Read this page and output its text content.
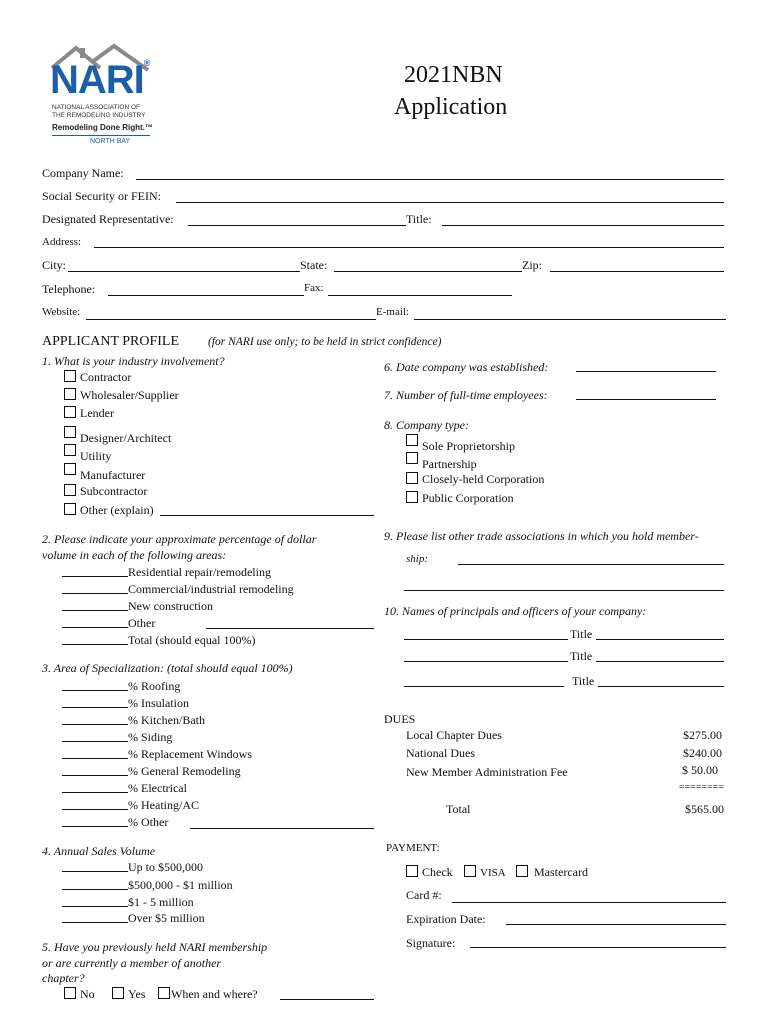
NARI®
NATIONAL ASSOCIATION OF
THE REMODELING INDUSTRY
Remodeling Done Right.™
NORTH BAY
2021NBN
Application
Company Name:
Social Security or FEIN:
Designated Representative:	Title:
Address:
City:	State:	Zip:
Telephone:	Fax:
Website:	E-mail:
APPLICANT PROFILE	(for NARI use only; to be held in strict confidence)
1. What is your industry involvement?
Contractor
Wholesaler/Supplier
Lender
Designer/Architect
Utility
Manufacturer
Subcontractor
Other (explain)
2. Please indicate your approximate percentage of dollar
volume in each of the following areas:
Residential repair/remodeling
Commercial/industrial remodeling
New construction
Other
Total (should equal 100%)
3. Area of Specialization: (total should equal 100%)
% Roofing
% Insulation
% Kitchen/Bath
% Siding
% Replacement Windows
% General Remodeling
% Electrical
% Heating/AC
% Other
4. Annual Sales Volume
Up to $500,000
$500,000 - $1 million
$1 - 5 million
Over $5 million
5. Have you previously held NARI membership
or are currently a member of another
chapter?
No	Yes	When and where?
6. Date company was established:
7. Number of full-time employees:
8. Company type:
Sole Proprietorship
Partnership
Closely-held Corporation
Public Corporation
9. Please list other trade associations in which you hold member-
ship:
10. Names of principals and officers of your company:
Title
Title
Title
DUES
Local Chapter Dues	$275.00
National Dues	$240.00
New Member Administration Fee	$ 50.00
========
Total	$565.00
PAYMENT:
Check	VISA	Mastercard
Card #:
Expiration Date:
Signature:
